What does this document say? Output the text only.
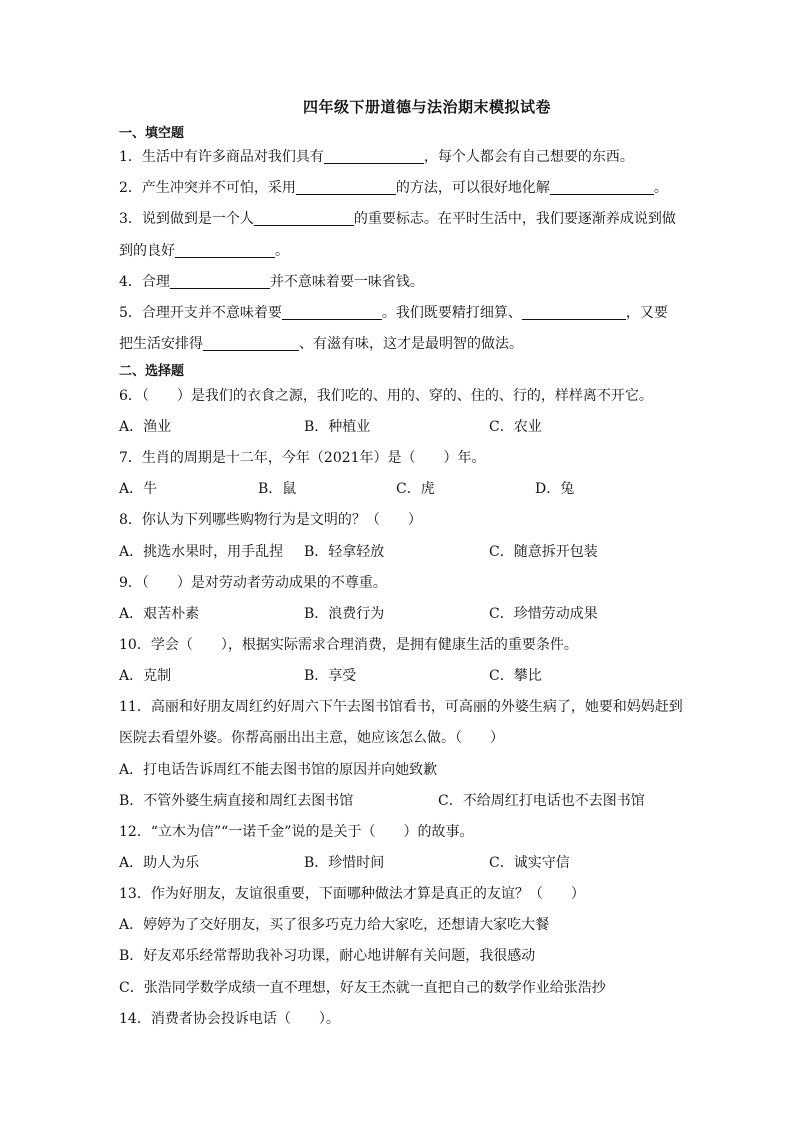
四年级下册道德与法治期末模拟试卷
一、填空题
1．生活中有许多商品对我们具有	，每个人都会有自己想要的东西。
2．产生冲突并不可怕，采用	的方法，可以很好地化解	。
3．说到做到是一个人	的重要标志。在平时生活中，我们要逐渐养成说到做
到的良好	。
4．合理	并不意味着要一味省钱。
5．合理开支并不意味着要	。我们既要精打细算、	，又要
把生活安排得	、有滋有味，这才是最明智的做法。
二、选择题
6．（　　）是我们的衣食之源，我们吃的、用的、穿的、住的、行的，样样离不开它。
A．渔业	B．种植业	C．农业
7．生肖的周期是十二年，今年（2021年）是（　　）年。
A．牛	B．鼠	C．虎	D．兔
8．你认为下列哪些购物行为是文明的？（　　）
A．挑选水果时，用手乱捏 B．轻拿轻放	C．随意拆开包装
9．（　　）是对劳动者劳动成果的不尊重。
A．艰苦朴素	B．浪费行为	C．珍惜劳动成果
10．学会（　　），根据实际需求合理消费，是拥有健康生活的重要条件。
A．克制	B．享受	C．攀比
11．高丽和好朋友周红约好周六下午去图书馆看书，可高丽的外婆生病了，她要和妈妈赶到
医院去看望外婆。你帮高丽出出主意，她应该怎么做。（　　）
A．打电话告诉周红不能去图书馆的原因并向她致歉
B．不管外婆生病直接和周红去图书馆	C．不给周红打电话也不去图书馆
12．“立木为信”“一诺千金”说的是关于（　　）的故事。
A．助人为乐	B．珍惜时间	C．诚实守信
13．作为好朋友，友谊很重要，下面哪种做法才算是真正的友谊？（　　）
A．婷婷为了交好朋友，买了很多巧克力给大家吃，还想请大家吃大餐
B．好友邓乐经常帮助我补习功课，耐心地讲解有关问题，我很感动
C．张浩同学数学成绩一直不理想，好友王杰就一直把自己的数学作业给张浩抄
14．消费者协会投诉电话（　　）。
